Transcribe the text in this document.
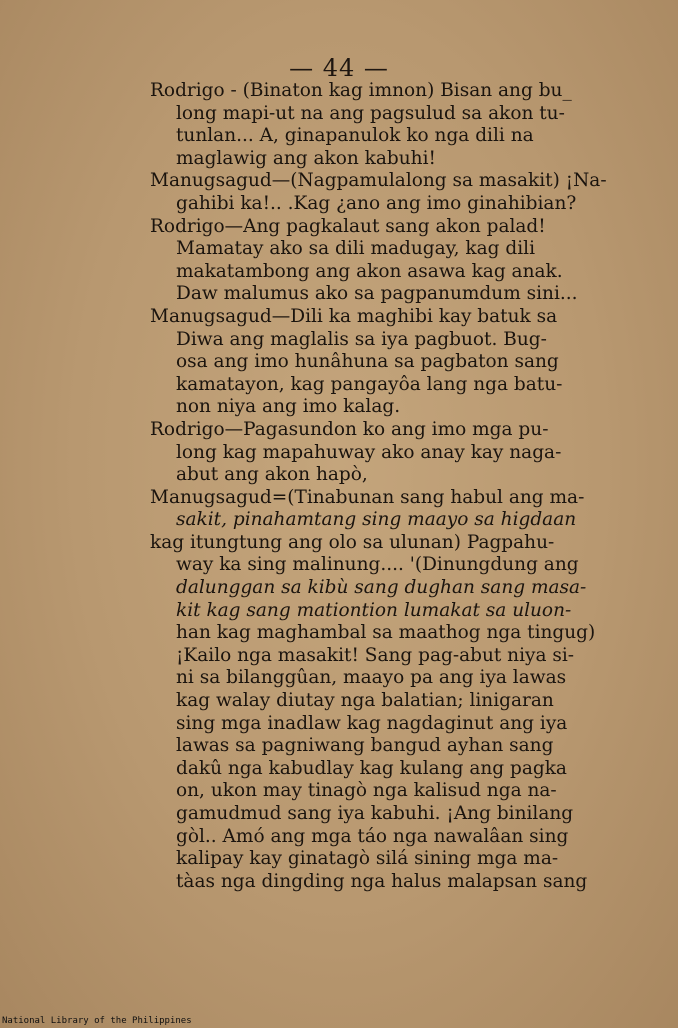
— 44 —
Rodrigo - (Binaton kag imnon) Bisan ang bu_
long mapi-ut na ang pagsulud sa akon tu-
tunlan... A, ginapanulok ko nga dili na
maglawig ang akon kabuhi!
Manugsagud—(Nagpamulalong sa masakit) ¡Na-
gahibi ka!.. .Kag ¿ano ang imo ginahibian?
Rodrigo—Ang pagkalaut sang akon palad!
Mamatay ako sa dili madugay, kag dili
makatambong ang akon asawa kag anak.
Daw malumus ako sa pagpanumdum sini...
Manugsagud—Dili ka maghibi kay batuk sa
Diwa ang maglalis sa iya pagbuot. Bug-
osa ang imo hunâhuna sa pagbaton sang
kamatayon, kag pangayôa lang nga batu-
non niya ang imo kalag.
Rodrigo—Pagasundon ko ang imo mga pu-
long kag mapahuway ako anay kay naga-
abut ang akon hapò,
Manugsagud=(Tinabunan sang habul ang ma-
sakit, pinahamtang sing maayo sa higdaan
kag itungtung ang olo sa ulunan) Pagpahu-
way ka sing malinung.... '(Dinungdung ang
dalunggan sa kibù sang dughan sang masa-
kit kag sang mationtion lumakat sa uluon-
han kag maghambal sa maathog nga tingug)
¡Kailo nga masakit! Sang pag-abut niya si-
ni sa bilanggûan, maayo pa ang iya lawas
kag walay diutay nga balatian; linigaran
sing mga inadlaw kag nagdaginut ang iya
lawas sa pagniwang bangud ayhan sang
dakû nga kabudlay kag kulang ang pagka
on, ukon may tinagò nga kalisud nga na-
gamudmud sang iya kabuhi. ¡Ang binilang
gòl.. Amó ang mga táo nga nawalâan sing
kalipay kay ginatagò silá sining mga ma-
tàas nga dingding nga halus malapsan sang
National Library of the Philippines
